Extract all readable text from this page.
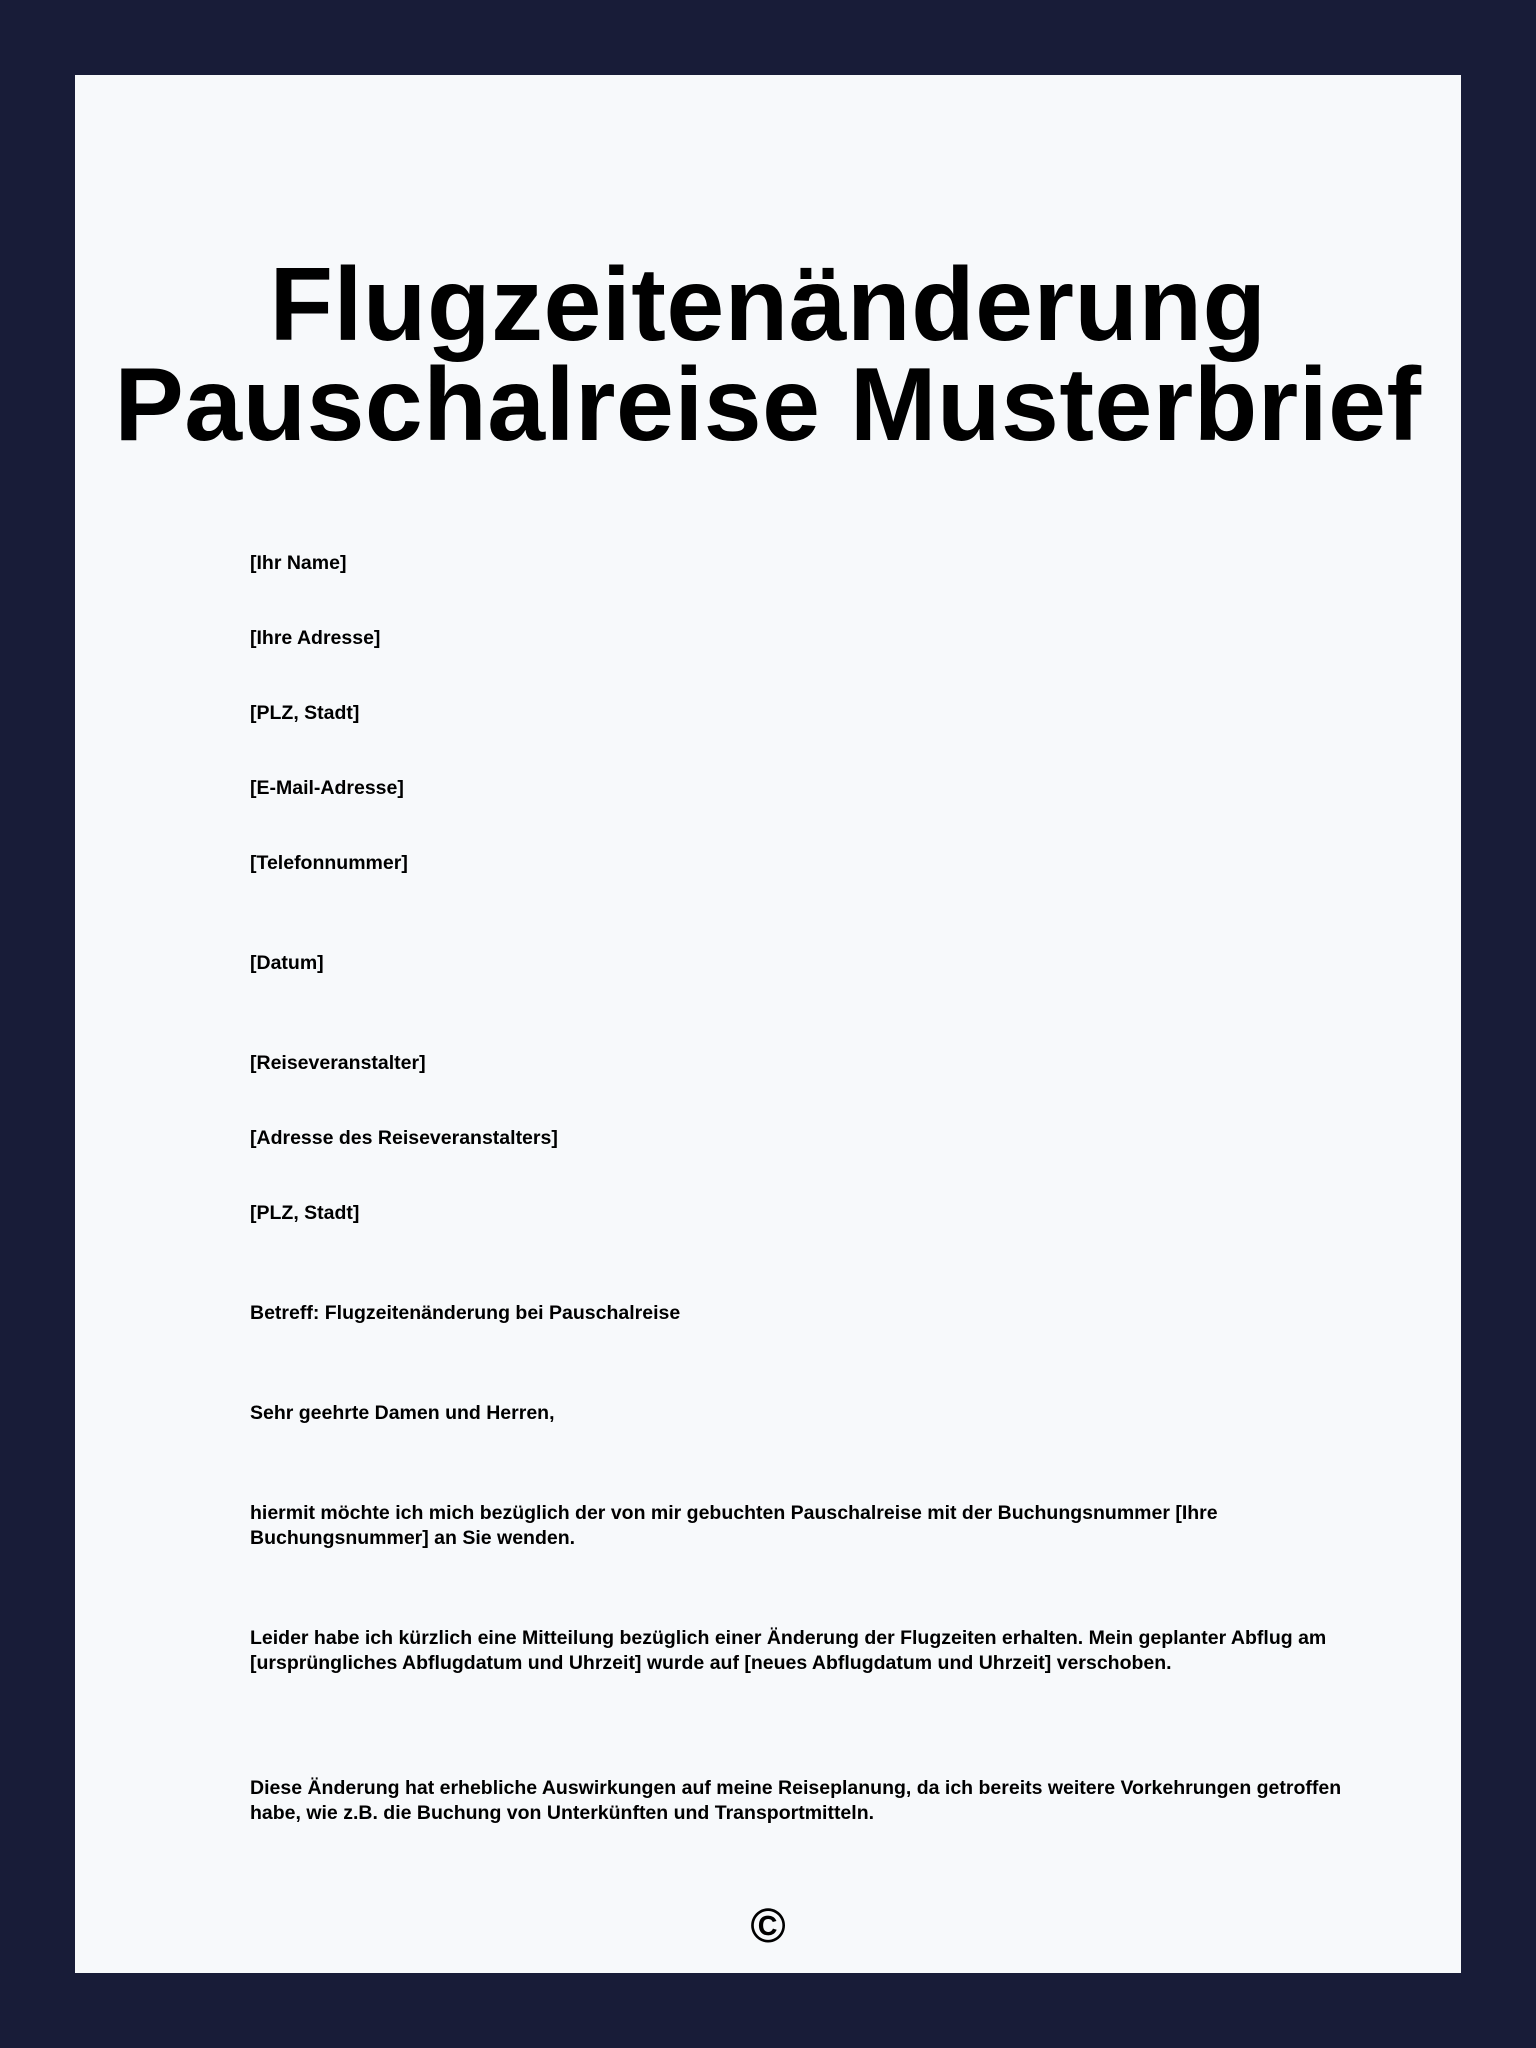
Flugzeitenänderung
Pauschalreise Musterbrief

[Ihr Name]

[Ihre Adresse]

[PLZ, Stadt]

[E-Mail-Adresse]

[Telefonnummer]

[Datum]

[Reiseveranstalter]

[Adresse des Reiseveranstalters]

[PLZ, Stadt]

Betreff: Flugzeitenänderung bei Pauschalreise

Sehr geehrte Damen und Herren,

hiermit möchte ich mich bezüglich der von mir gebuchten Pauschalreise mit der Buchungsnummer [Ihre Buchungsnummer] an Sie wenden.

Leider habe ich kürzlich eine Mitteilung bezüglich einer Änderung der Flugzeiten erhalten. Mein geplanter Abflug am [ursprüngliches Abflugdatum und Uhrzeit] wurde auf [neues Abflugdatum und Uhrzeit] verschoben.

Diese Änderung hat erhebliche Auswirkungen auf meine Reiseplanung, da ich bereits weitere Vorkehrungen getroffen habe, wie z.B. die Buchung von Unterkünften und Transportmitteln.

©
